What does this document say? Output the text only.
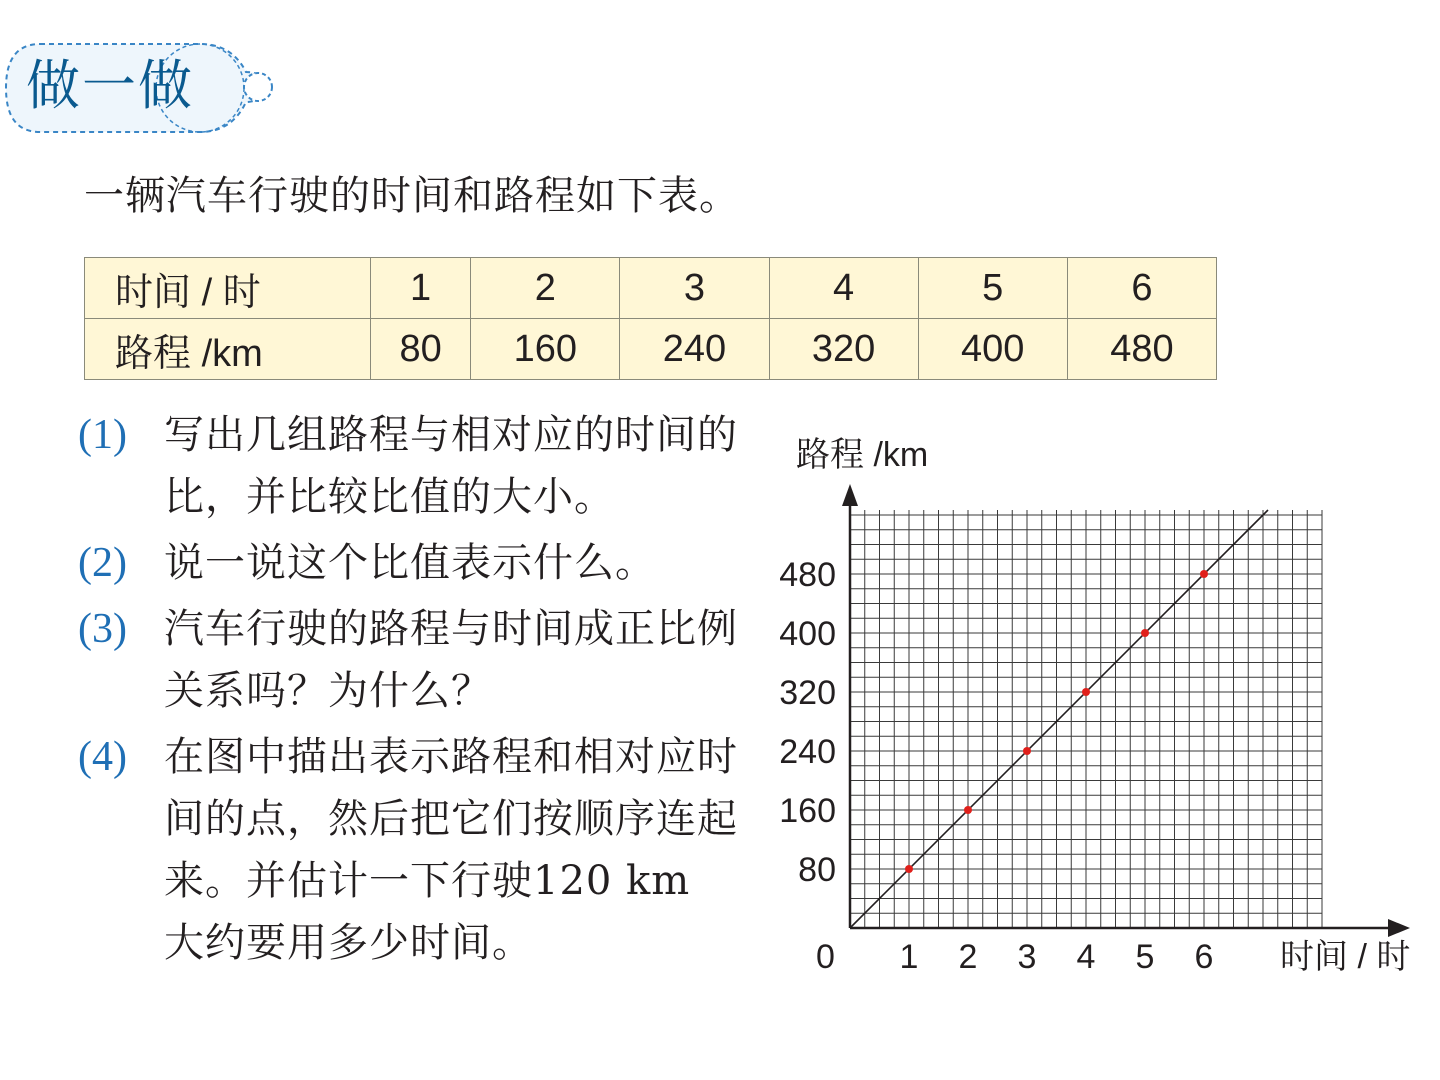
做一做
一辆汽车行驶的时间和路程如下表。
时间 / 时	1	2	3	4	5	6
路程 /km	80	160	240	320	400	480
(1) 写出几组路程与相对应的时间的比，并比较比值的大小。
(2) 说一说这个比值表示什么。
(3) 汽车行驶的路程与时间成正比例关系吗？为什么？
(4) 在图中描出表示路程和相对应时间的点，然后把它们按顺序连起来。并估计一下行驶120 km 大约要用多少时间。	1 2 3 4 5 6
80
160
240
320
400
480
路程 /km
时间 / 时
0
